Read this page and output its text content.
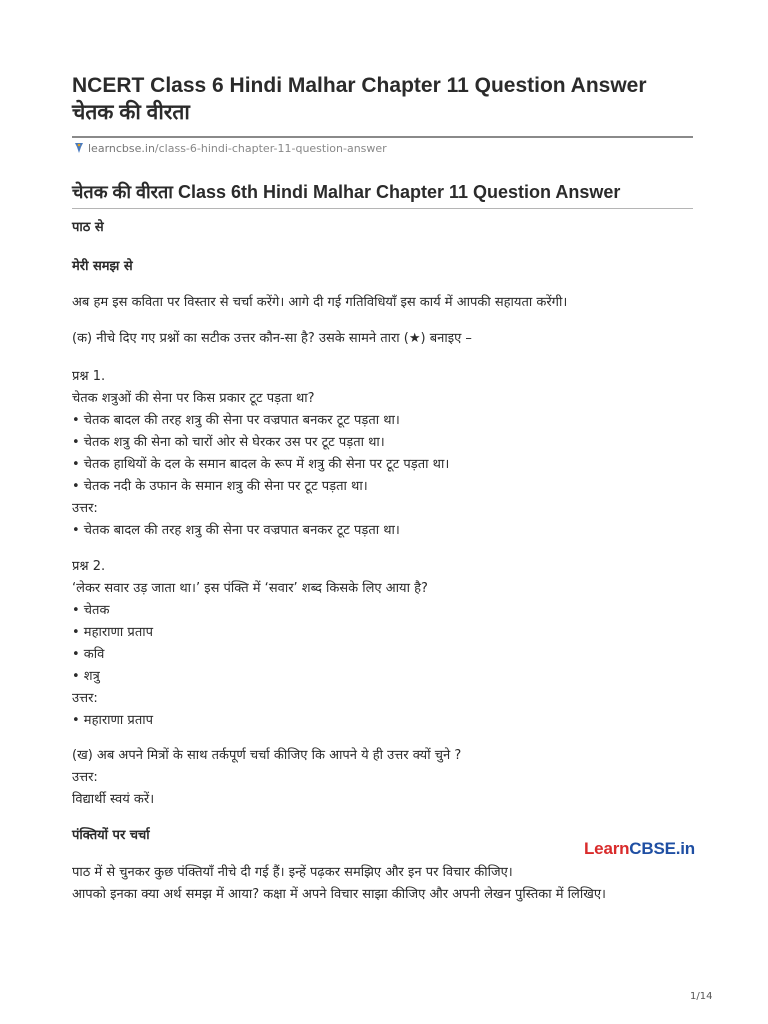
NCERT Class 6 Hindi Malhar Chapter 11 Question Answer
चेतक की वीरता
learncbse.in/class-6-hindi-chapter-11-question-answer
चेतक की वीरता Class 6th Hindi Malhar Chapter 11 Question Answer
पाठ से
मेरी समझ से
अब हम इस कविता पर विस्तार से चर्चा करेंगे। आगे दी गई गतिविधियाँ इस कार्य में आपकी सहायता करेंगी।
(क) नीचे दिए गए प्रश्नों का सटीक उत्तर कौन-सा है? उसके सामने तारा (★) बनाइए –
प्रश्न 1.
चेतक शत्रुओं की सेना पर किस प्रकार टूट पड़ता था?
• चेतक बादल की तरह शत्रु की सेना पर वज्रपात बनकर टूट पड़ता था।
• चेतक शत्रु की सेना को चारों ओर से घेरकर उस पर टूट पड़ता था।
• चेतक हाथियों के दल के समान बादल के रूप में शत्रु की सेना पर टूट पड़ता था।
• चेतक नदी के उफान के समान शत्रु की सेना पर टूट पड़ता था।
उत्तर:
• चेतक बादल की तरह शत्रु की सेना पर वज्रपात बनकर टूट पड़ता था।
प्रश्न 2.
‘लेकर सवार उड़ जाता था।’ इस पंक्ति में ‘सवार’ शब्द किसके लिए आया है?
• चेतक
• महाराणा प्रताप
• कवि
• शत्रु
उत्तर:
• महाराणा प्रताप
(ख) अब अपने मित्रों के साथ तर्कपूर्ण चर्चा कीजिए कि आपने ये ही उत्तर क्यों चुने ?
उत्तर:
विद्यार्थी स्वयं करें।
पंक्तियों पर चर्चा
LearnCBSE.in
पाठ में से चुनकर कुछ पंक्तियाँ नीचे दी गई हैं। इन्हें पढ़कर समझिए और इन पर विचार कीजिए।
आपको इनका क्या अर्थ समझ में आया? कक्षा में अपने विचार साझा कीजिए और अपनी लेखन पुस्तिका में लिखिए।
1/14
